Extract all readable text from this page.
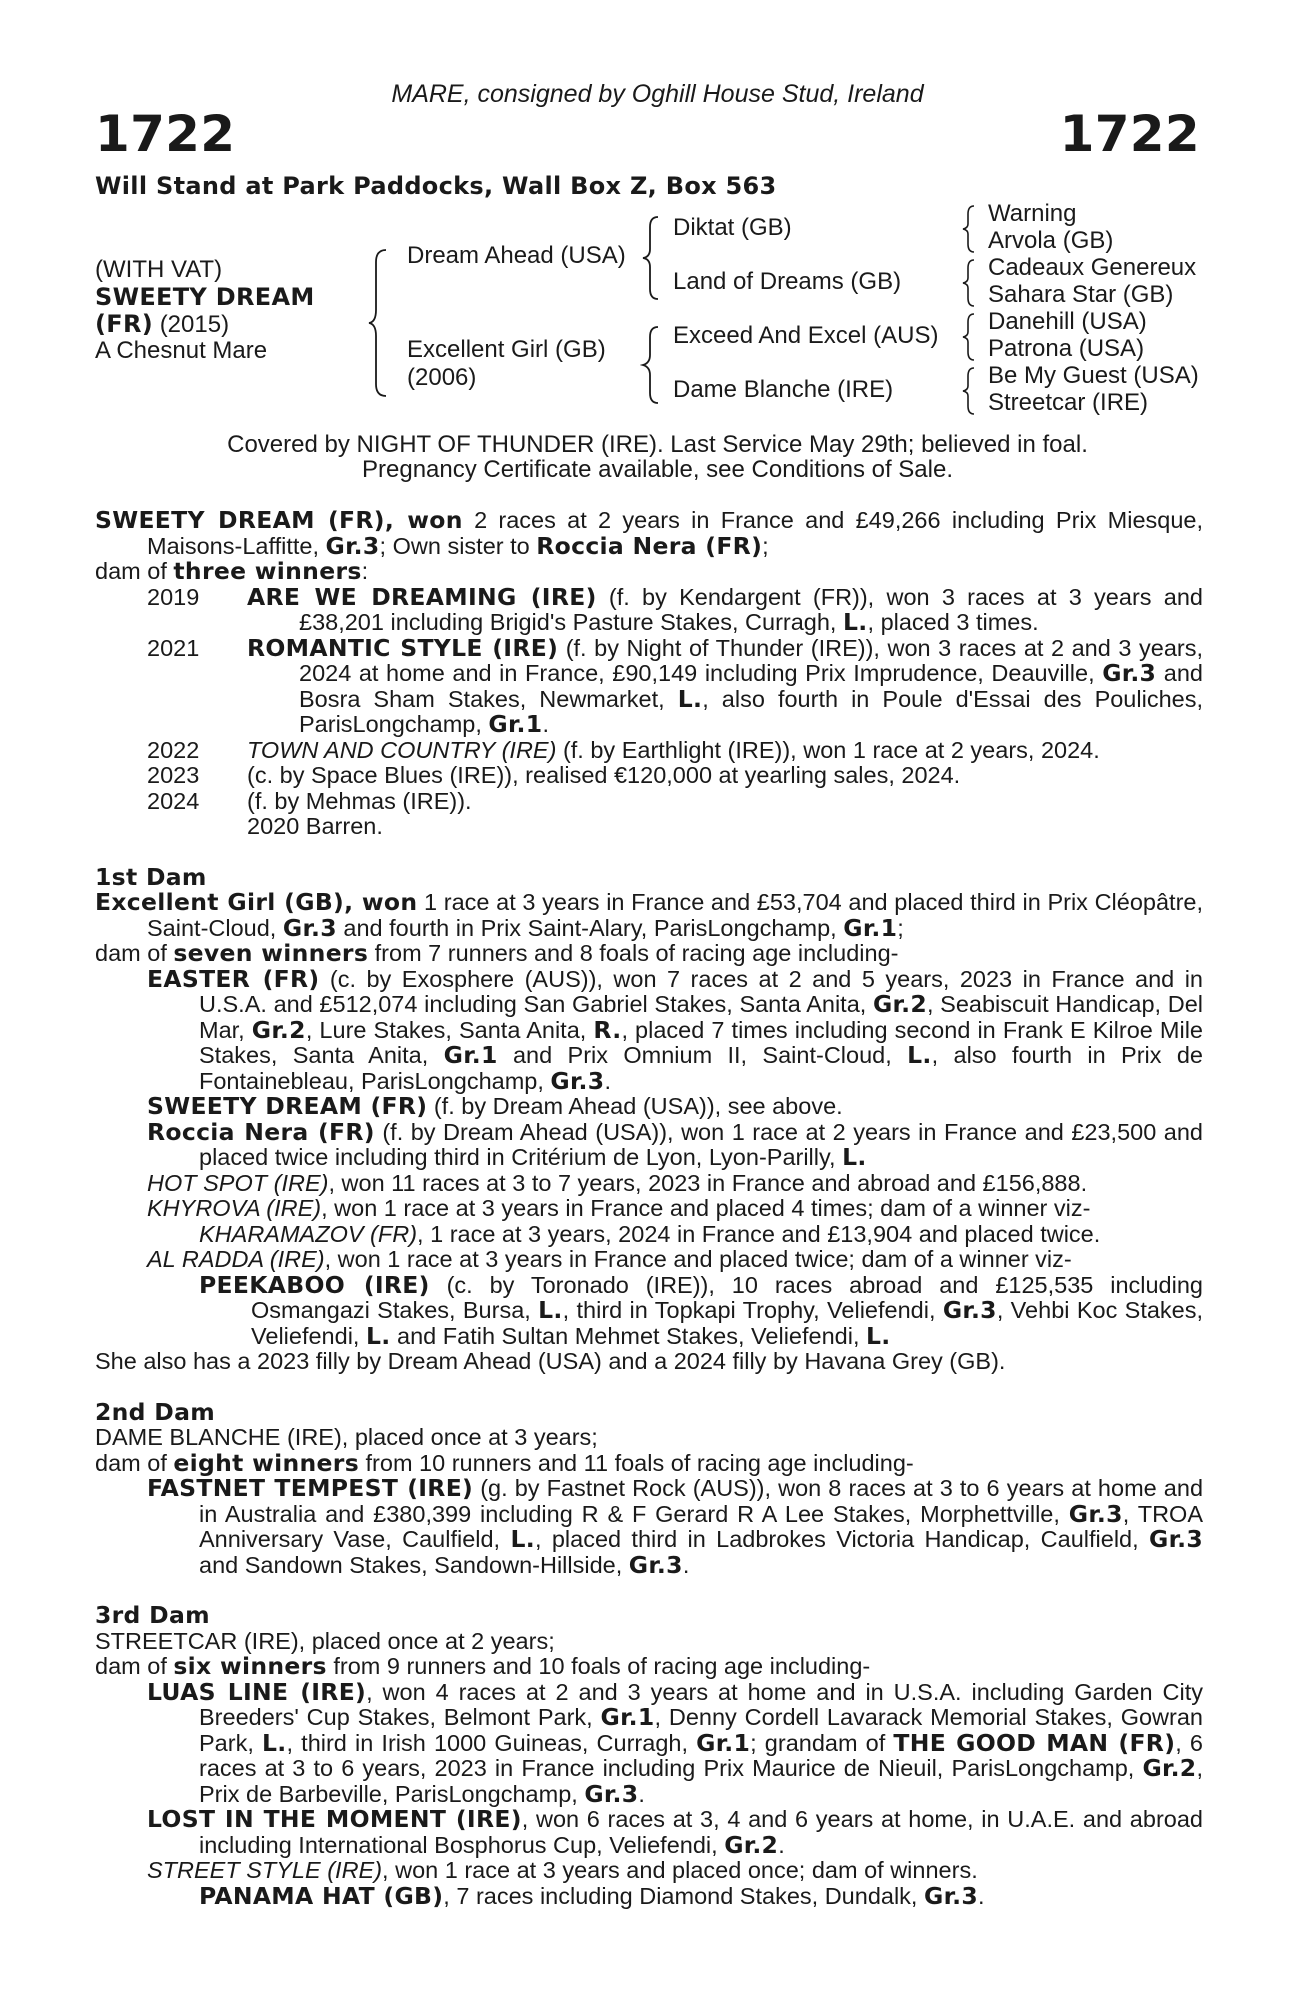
MARE, consigned by Oghill House Stud, Ireland
1722	1722
Will Stand at Park Paddocks, Wall Box Z, Box 563
(WITH VAT)
SWEETY DREAM
(FR) (2015)
A Chesnut Mare
Dream Ahead (USA)
Excellent Girl (GB)
(2006)
Diktat (GB)
Land of Dreams (GB)
Exceed And Excel (AUS)
Dame Blanche (IRE)
Warning
Arvola (GB)
Cadeaux Genereux
Sahara Star (GB)
Danehill (USA)
Patrona (USA)
Be My Guest (USA)
Streetcar (IRE)
Covered by NIGHT OF THUNDER (IRE). Last Service May 29th; believed in foal.
Pregnancy Certificate available, see Conditions of Sale.

SWEETY DREAM (FR), won 2 races at 2 years in France and £49,266 including Prix Miesque, Maisons-Laffitte, Gr.3; Own sister to Roccia Nera (FR);

dam of three winners:

2019	ARE WE DREAMING (IRE) (f. by Kendargent (FR)), won 3 races at 3 years and £38,201 including Brigid's Pasture Stakes, Curragh, L., placed 3 times.
2021	ROMANTIC STYLE (IRE) (f. by Night of Thunder (IRE)), won 3 races at 2 and 3 years, 2024 at home and in France, £90,149 including Prix Imprudence, Deauville, Gr.3 and Bosra Sham Stakes, Newmarket, L., also fourth in Poule d'Essai des Pouliches, ParisLongchamp, Gr.1.
2022	TOWN AND COUNTRY (IRE) (f. by Earthlight (IRE)), won 1 race at 2 years, 2024.
2023	(c. by Space Blues (IRE)), realised €120,000 at yearling sales, 2024.
2024	(f. by Mehmas (IRE)).
2020 Barren.

1st Dam

Excellent Girl (GB), won 1 race at 3 years in France and £53,704 and placed third in Prix Cléopâtre, Saint-Cloud, Gr.3 and fourth in Prix Saint-Alary, ParisLongchamp, Gr.1;

dam of seven winners from 7 runners and 8 foals of racing age including-

EASTER (FR) (c. by Exosphere (AUS)), won 7 races at 2 and 5 years, 2023 in France and in U.S.A. and £512,074 including San Gabriel Stakes, Santa Anita, Gr.2, Seabiscuit Handicap, Del Mar, Gr.2, Lure Stakes, Santa Anita, R., placed 7 times including second in Frank E Kilroe Mile Stakes, Santa Anita, Gr.1 and Prix Omnium II, Saint-Cloud, L., also fourth in Prix de Fontainebleau, ParisLongchamp, Gr.3.

SWEETY DREAM (FR) (f. by Dream Ahead (USA)), see above.

Roccia Nera (FR) (f. by Dream Ahead (USA)), won 1 race at 2 years in France and £23,500 and placed twice including third in Critérium de Lyon, Lyon-Parilly, L.

HOT SPOT (IRE), won 11 races at 3 to 7 years, 2023 in France and abroad and £156,888.

KHYROVA (IRE), won 1 race at 3 years in France and placed 4 times; dam of a winner viz-

KHARAMAZOV (FR), 1 race at 3 years, 2024 in France and £13,904 and placed twice.

AL RADDA (IRE), won 1 race at 3 years in France and placed twice; dam of a winner viz-

PEEKABOO (IRE) (c. by Toronado (IRE)), 10 races abroad and £125,535 including Osmangazi Stakes, Bursa, L., third in Topkapi Trophy, Veliefendi, Gr.3, Vehbi Koc Stakes, Veliefendi, L. and Fatih Sultan Mehmet Stakes, Veliefendi, L.

She also has a 2023 filly by Dream Ahead (USA) and a 2024 filly by Havana Grey (GB).

2nd Dam

DAME BLANCHE (IRE), placed once at 3 years;

dam of eight winners from 10 runners and 11 foals of racing age including-

FASTNET TEMPEST (IRE) (g. by Fastnet Rock (AUS)), won 8 races at 3 to 6 years at home and in Australia and £380,399 including R & F Gerard R A Lee Stakes, Morphettville, Gr.3, TROA Anniversary Vase, Caulfield, L., placed third in Ladbrokes Victoria Handicap, Caulfield, Gr.3 and Sandown Stakes, Sandown-Hillside, Gr.3.

3rd Dam

STREETCAR (IRE), placed once at 2 years;

dam of six winners from 9 runners and 10 foals of racing age including-

LUAS LINE (IRE), won 4 races at 2 and 3 years at home and in U.S.A. including Garden City Breeders' Cup Stakes, Belmont Park, Gr.1, Denny Cordell Lavarack Memorial Stakes, Gowran Park, L., third in Irish 1000 Guineas, Curragh, Gr.1; grandam of THE GOOD MAN (FR), 6 races at 3 to 6 years, 2023 in France including Prix Maurice de Nieuil, ParisLongchamp, Gr.2, Prix de Barbeville, ParisLongchamp, Gr.3.

LOST IN THE MOMENT (IRE), won 6 races at 3, 4 and 6 years at home, in U.A.E. and abroad including International Bosphorus Cup, Veliefendi, Gr.2.

STREET STYLE (IRE), won 1 race at 3 years and placed once; dam of winners.

PANAMA HAT (GB), 7 races including Diamond Stakes, Dundalk, Gr.3.
